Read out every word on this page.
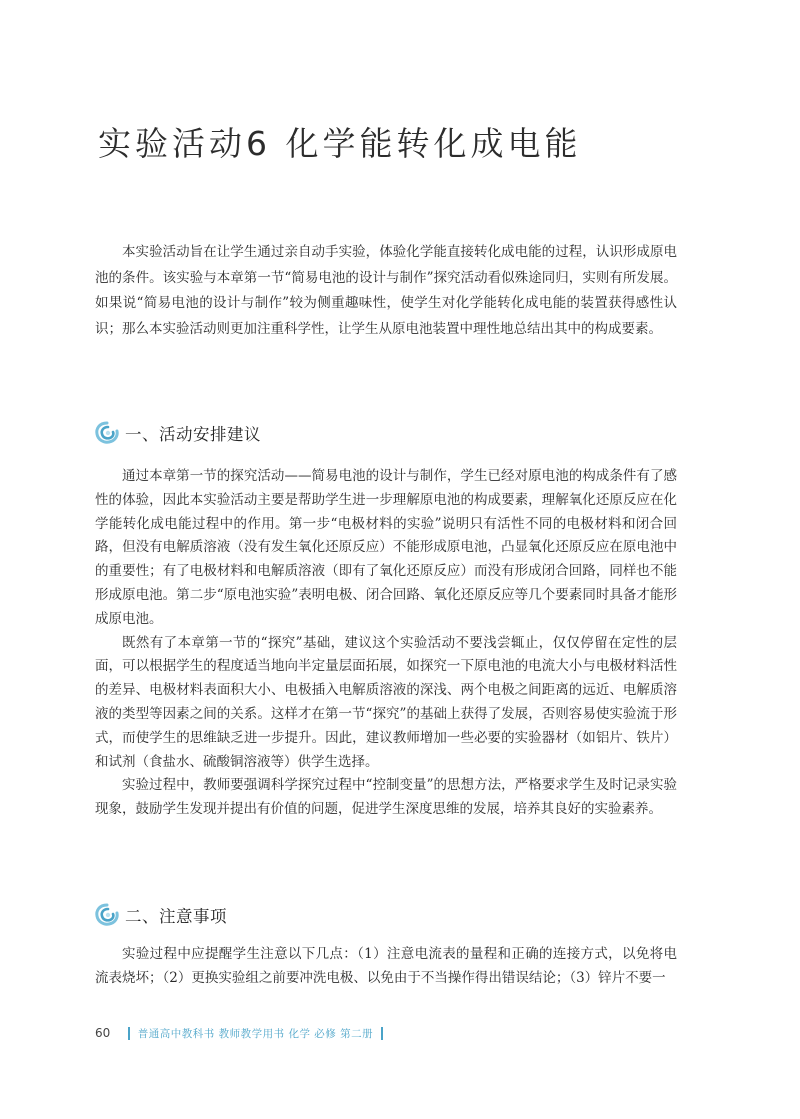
实验活动6 化学能转化成电能

本实验活动旨在让学生通过亲自动手实验，体验化学能直接转化成电能的过程，认识形成原电池的条件。该实验与本章第一节“简易电池的设计与制作”探究活动看似殊途同归，实则有所发展。如果说“简易电池的设计与制作”较为侧重趣味性，使学生对化学能转化成电能的装置获得感性认识；那么本实验活动则更加注重科学性，让学生从原电池装置中理性地总结出其中的构成要素。

一、活动安排建议

通过本章第一节的探究活动——简易电池的设计与制作，学生已经对原电池的构成条件有了感性的体验，因此本实验活动主要是帮助学生进一步理解原电池的构成要素，理解氧化还原反应在化学能转化成电能过程中的作用。第一步“电极材料的实验”说明只有活性不同的电极材料和闭合回路，但没有电解质溶液（没有发生氧化还原反应）不能形成原电池，凸显氧化还原反应在原电池中的重要性；有了电极材料和电解质溶液（即有了氧化还原反应）而没有形成闭合回路，同样也不能形成原电池。第二步“原电池实验”表明电极、闭合回路、氧化还原反应等几个要素同时具备才能形成原电池。

既然有了本章第一节的“探究”基础，建议这个实验活动不要浅尝辄止，仅仅停留在定性的层面，可以根据学生的程度适当地向半定量层面拓展，如探究一下原电池的电流大小与电极材料活性的差异、电极材料表面积大小、电极插入电解质溶液的深浅、两个电极之间距离的远近、电解质溶液的类型等因素之间的关系。这样才在第一节“探究”的基础上获得了发展，否则容易使实验流于形式，而使学生的思维缺乏进一步提升。因此，建议教师增加一些必要的实验器材（如铝片、铁片）和试剂（食盐水、硫酸铜溶液等）供学生选择。

实验过程中，教师要强调科学探究过程中“控制变量”的思想方法，严格要求学生及时记录实验现象，鼓励学生发现并提出有价值的问题，促进学生深度思维的发展，培养其良好的实验素养。

二、注意事项

实验过程中应提醒学生注意以下几点：（1）注意电流表的量程和正确的连接方式，以免将电流表烧坏；（2）更换实验组之前要冲洗电极、以免由于不当操作得出错误结论；（3）锌片不要一

60	普通高中教科书 教师教学用书 化学 必修 第二册
